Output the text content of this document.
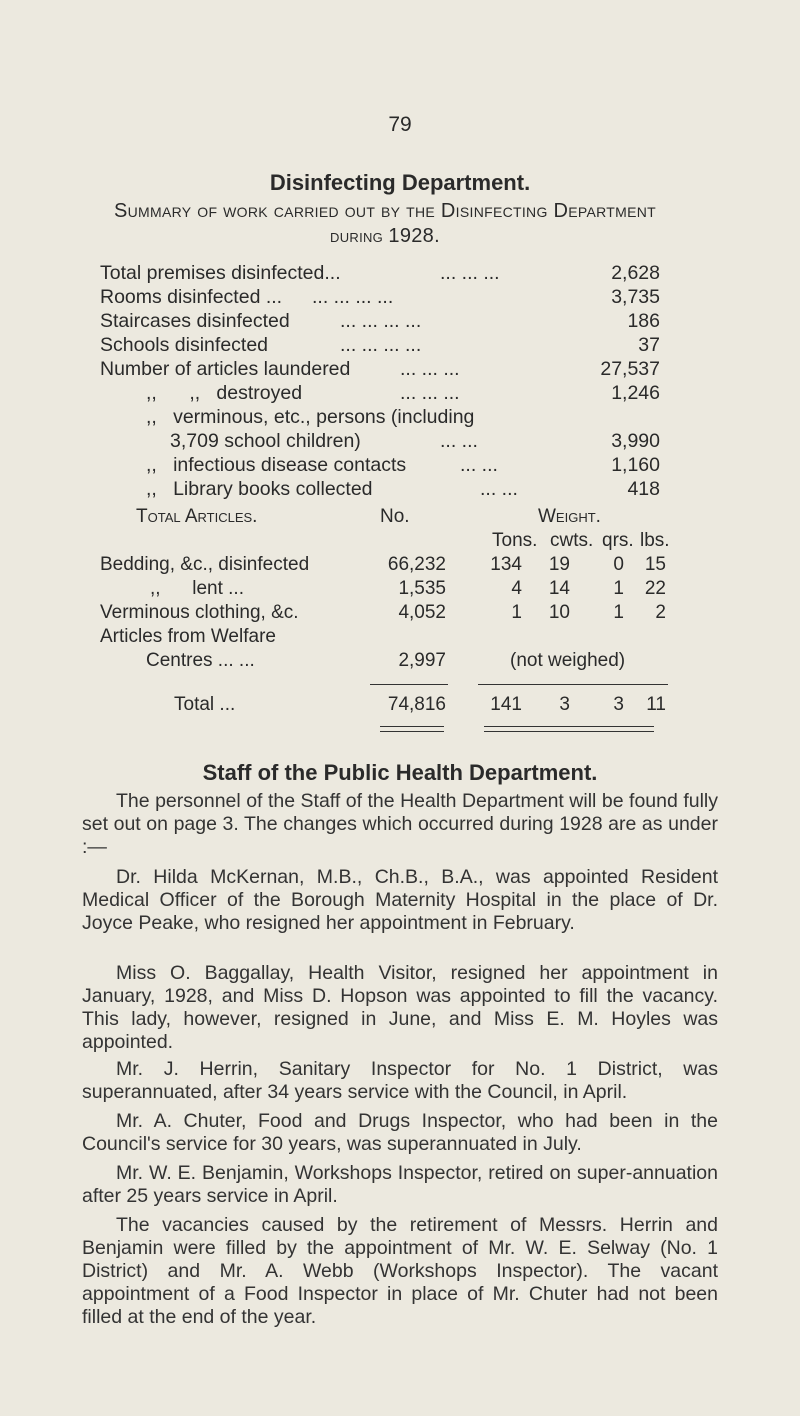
79
Disinfecting Department.
Summary of work carried out by the Disinfecting Department
during 1928.
Total premises disinfected...	... ... ...	2,628
Rooms disinfected ... ... ... ... ...	3,735
Staircases disinfected	... ... ... ...	186
Schools disinfected	... ... ... ...	37
Number of articles laundered	... ... ...	27,537
,,      ,,   destroyed	... ... ...	1,246
,,   verminous, etc., persons (including
3,709 school children)	... ...	3,990
,,   infectious disease contacts	... ...	1,160
,,   Library books collected	... ...	418
Total Articles.	No.	Weight.
Tons. cwts. qrs. lbs.
Bedding, &c., disinfected	66,232	134	19	0	15
,,      lent ...	1,535	4	14	1	22
Verminous clothing, &c.	4,052	1	10	1	2
Articles from Welfare
Centres ... ...	2,997	(not weighed)
Total ...	74,816	141	3	3	11
Staff of the Public Health Department.
The personnel of the Staff of the Health Department will be found fully set out on page 3. The changes which occurred during 1928 are as under :—
Dr. Hilda McKernan, M.B., Ch.B., B.A., was appointed Resident Medical Officer of the Borough Maternity Hospital in the place of Dr. Joyce Peake, who resigned her appointment in February.
Miss O. Baggallay, Health Visitor, resigned her appointment in January, 1928, and Miss D. Hopson was appointed to fill the vacancy. This lady, however, resigned in June, and Miss E. M. Hoyles was appointed.
Mr. J. Herrin, Sanitary Inspector for No. 1 District, was superannuated, after 34 years service with the Council, in April.
Mr. A. Chuter, Food and Drugs Inspector, who had been in the Council's service for 30 years, was superannuated in July.
Mr. W. E. Benjamin, Workshops Inspector, retired on super-annuation after 25 years service in April.
The vacancies caused by the retirement of Messrs. Herrin and Benjamin were filled by the appointment of Mr. W. E. Selway (No. 1 District) and Mr. A. Webb (Workshops Inspector). The vacant appointment of a Food Inspector in place of Mr. Chuter had not been filled at the end of the year.
